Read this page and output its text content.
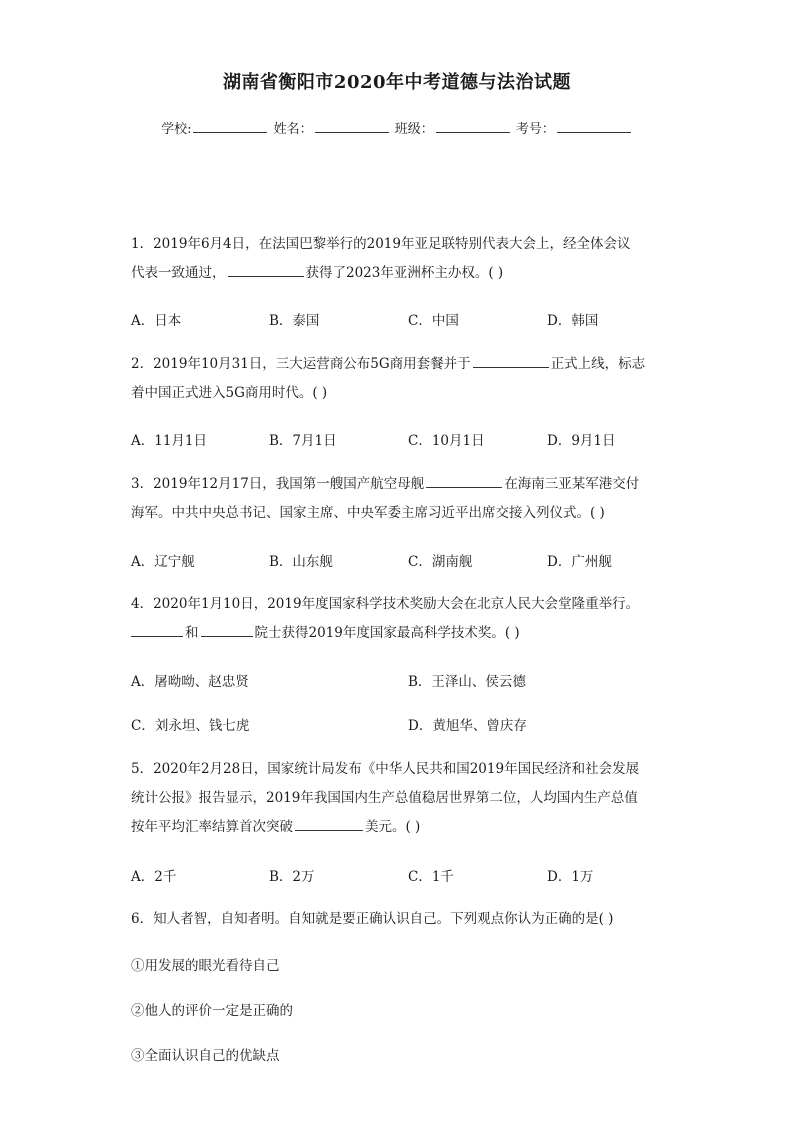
湖南省衡阳市2020年中考道德与法治试题
学校:	姓名：	班级：	考号：
1．2019年6月4日，在法国巴黎举行的2019年亚足联特别代表大会上，经全体会议
代表一致通过，	获得了2023年亚洲杯主办权。( )
A．日本	B．泰国	C．中国	D．韩国
2．2019年10月31日，三大运营商公布5G商用套餐并于	正式上线，标志
着中国正式进入5G商用时代。( )
A．11月1日	B．7月1日	C．10月1日	D．9月1日
3．2019年12月17日，我国第一艘国产航空母舰	在海南三亚某军港交付
海军。中共中央总书记、国家主席、中央军委主席习近平出席交接入列仪式。( )
A．辽宁舰	B．山东舰	C．湖南舰	D．广州舰
4．2020年1月10日，2019年度国家科学技术奖励大会在北京人民大会堂隆重举行。
和	院士获得2019年度国家最高科学技术奖。( )
A．屠呦呦、赵忠贤	B．王泽山、侯云德
C．刘永坦、钱七虎	D．黄旭华、曾庆存
5．2020年2月28日，国家统计局发布《中华人民共和国2019年国民经济和社会发展
统计公报》报告显示，2019年我国国内生产总值稳居世界第二位，人均国内生产总值
按年平均汇率结算首次突破	美元。( )
A．2千	B．2万	C．1千	D．1万
6．知人者智，自知者明。自知就是要正确认识自己。下列观点你认为正确的是( )
①用发展的眼光看待自己
②他人的评价一定是正确的
③全面认识自己的优缺点
